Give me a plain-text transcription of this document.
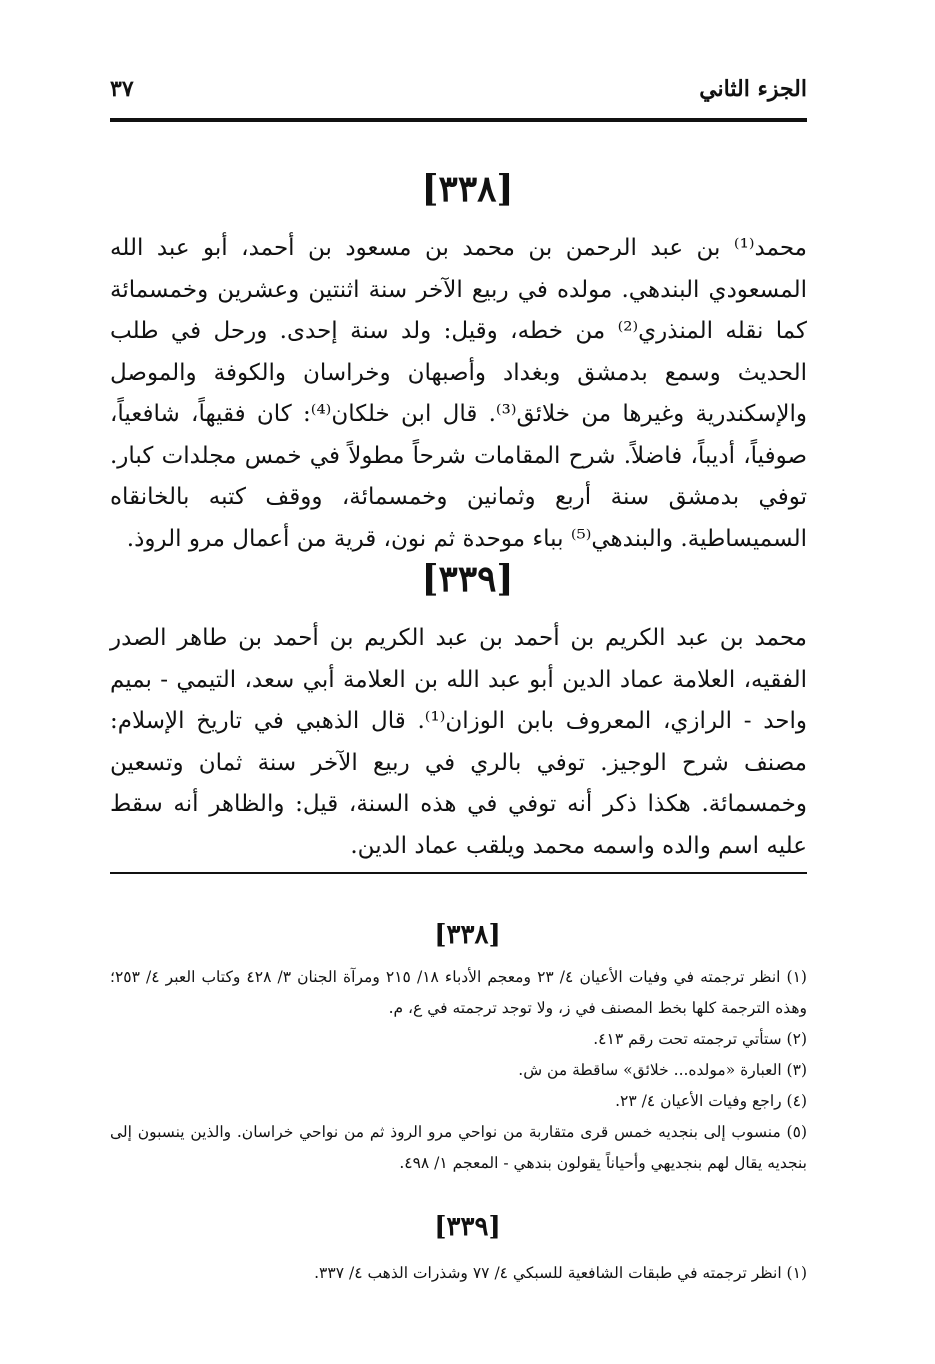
الجزء الثاني
٣٧
[٣٣٨]

محمد⁽¹⁾ بن عبد الرحمن بن محمد بن مسعود بن أحمد، أبو عبد الله المسعودي البندهي. مولده في ربيع الآخر سنة اثنتين وعشرين وخمسمائة كما نقله المنذري⁽²⁾ من خطه، وقيل: ولد سنة إحدى. ورحل في طلب الحديث وسمع بدمشق وبغداد وأصبهان وخراسان والكوفة والموصل والإسكندرية وغيرها من خلائق⁽³⁾. قال ابن خلكان⁽⁴⁾: كان فقيهاً، شافعياً، صوفياً، أديباً، فاضلاً. شرح المقامات شرحاً مطولاً في خمس مجلدات كبار. توفي بدمشق سنة أربع وثمانين وخمسمائة، ووقف كتبه بالخانقاه السميساطية. والبندهي⁽⁵⁾ بباء موحدة ثم نون، قرية من أعمال مرو الروذ.

[٣٣٩]

محمد بن عبد الكريم بن أحمد بن عبد الكريم بن أحمد بن طاهر الصدر الفقيه، العلامة عماد الدين أبو عبد الله بن العلامة أبي سعد، التيمي - بميم واحد - الرازي، المعروف بابن الوزان⁽¹⁾. قال الذهبي في تاريخ الإسلام: مصنف شرح الوجيز. توفي بالري في ربيع الآخر سنة ثمان وتسعين وخمسمائة. هكذا ذكر أنه توفي في هذه السنة، قيل: والظاهر أنه سقط عليه اسم والده واسمه محمد ويلقب عماد الدين.

[٣٣٨]

(١) انظر ترجمته في وفيات الأعيان ٤/ ٢٣ ومعجم الأدباء ١٨/ ٢١٥ ومرآة الجنان ٣/ ٤٢٨ وكتاب العبر ٤/ ٢٥٣؛ وهذه الترجمة كلها بخط المصنف في ز، ولا توجد ترجمته في ع، م.

(٢) ستأتي ترجمته تحت رقم ٤١٣.

(٣) العبارة «مولده... خلائق» ساقطة من ش.

(٤) راجع وفيات الأعيان ٤/ ٢٣.

(٥) منسوب إلى بنجديه خمس قرى متقاربة من نواحي مرو الروذ ثم من نواحي خراسان. والذين ينسبون إلى بنجديه يقال لهم بنجديهي وأحياناً يقولون بندهي - المعجم ١/ ٤٩٨.

[٣٣٩]

(١) انظر ترجمته في طبقات الشافعية للسبكي ٤/ ٧٧ وشذرات الذهب ٤/ ٣٣٧.
